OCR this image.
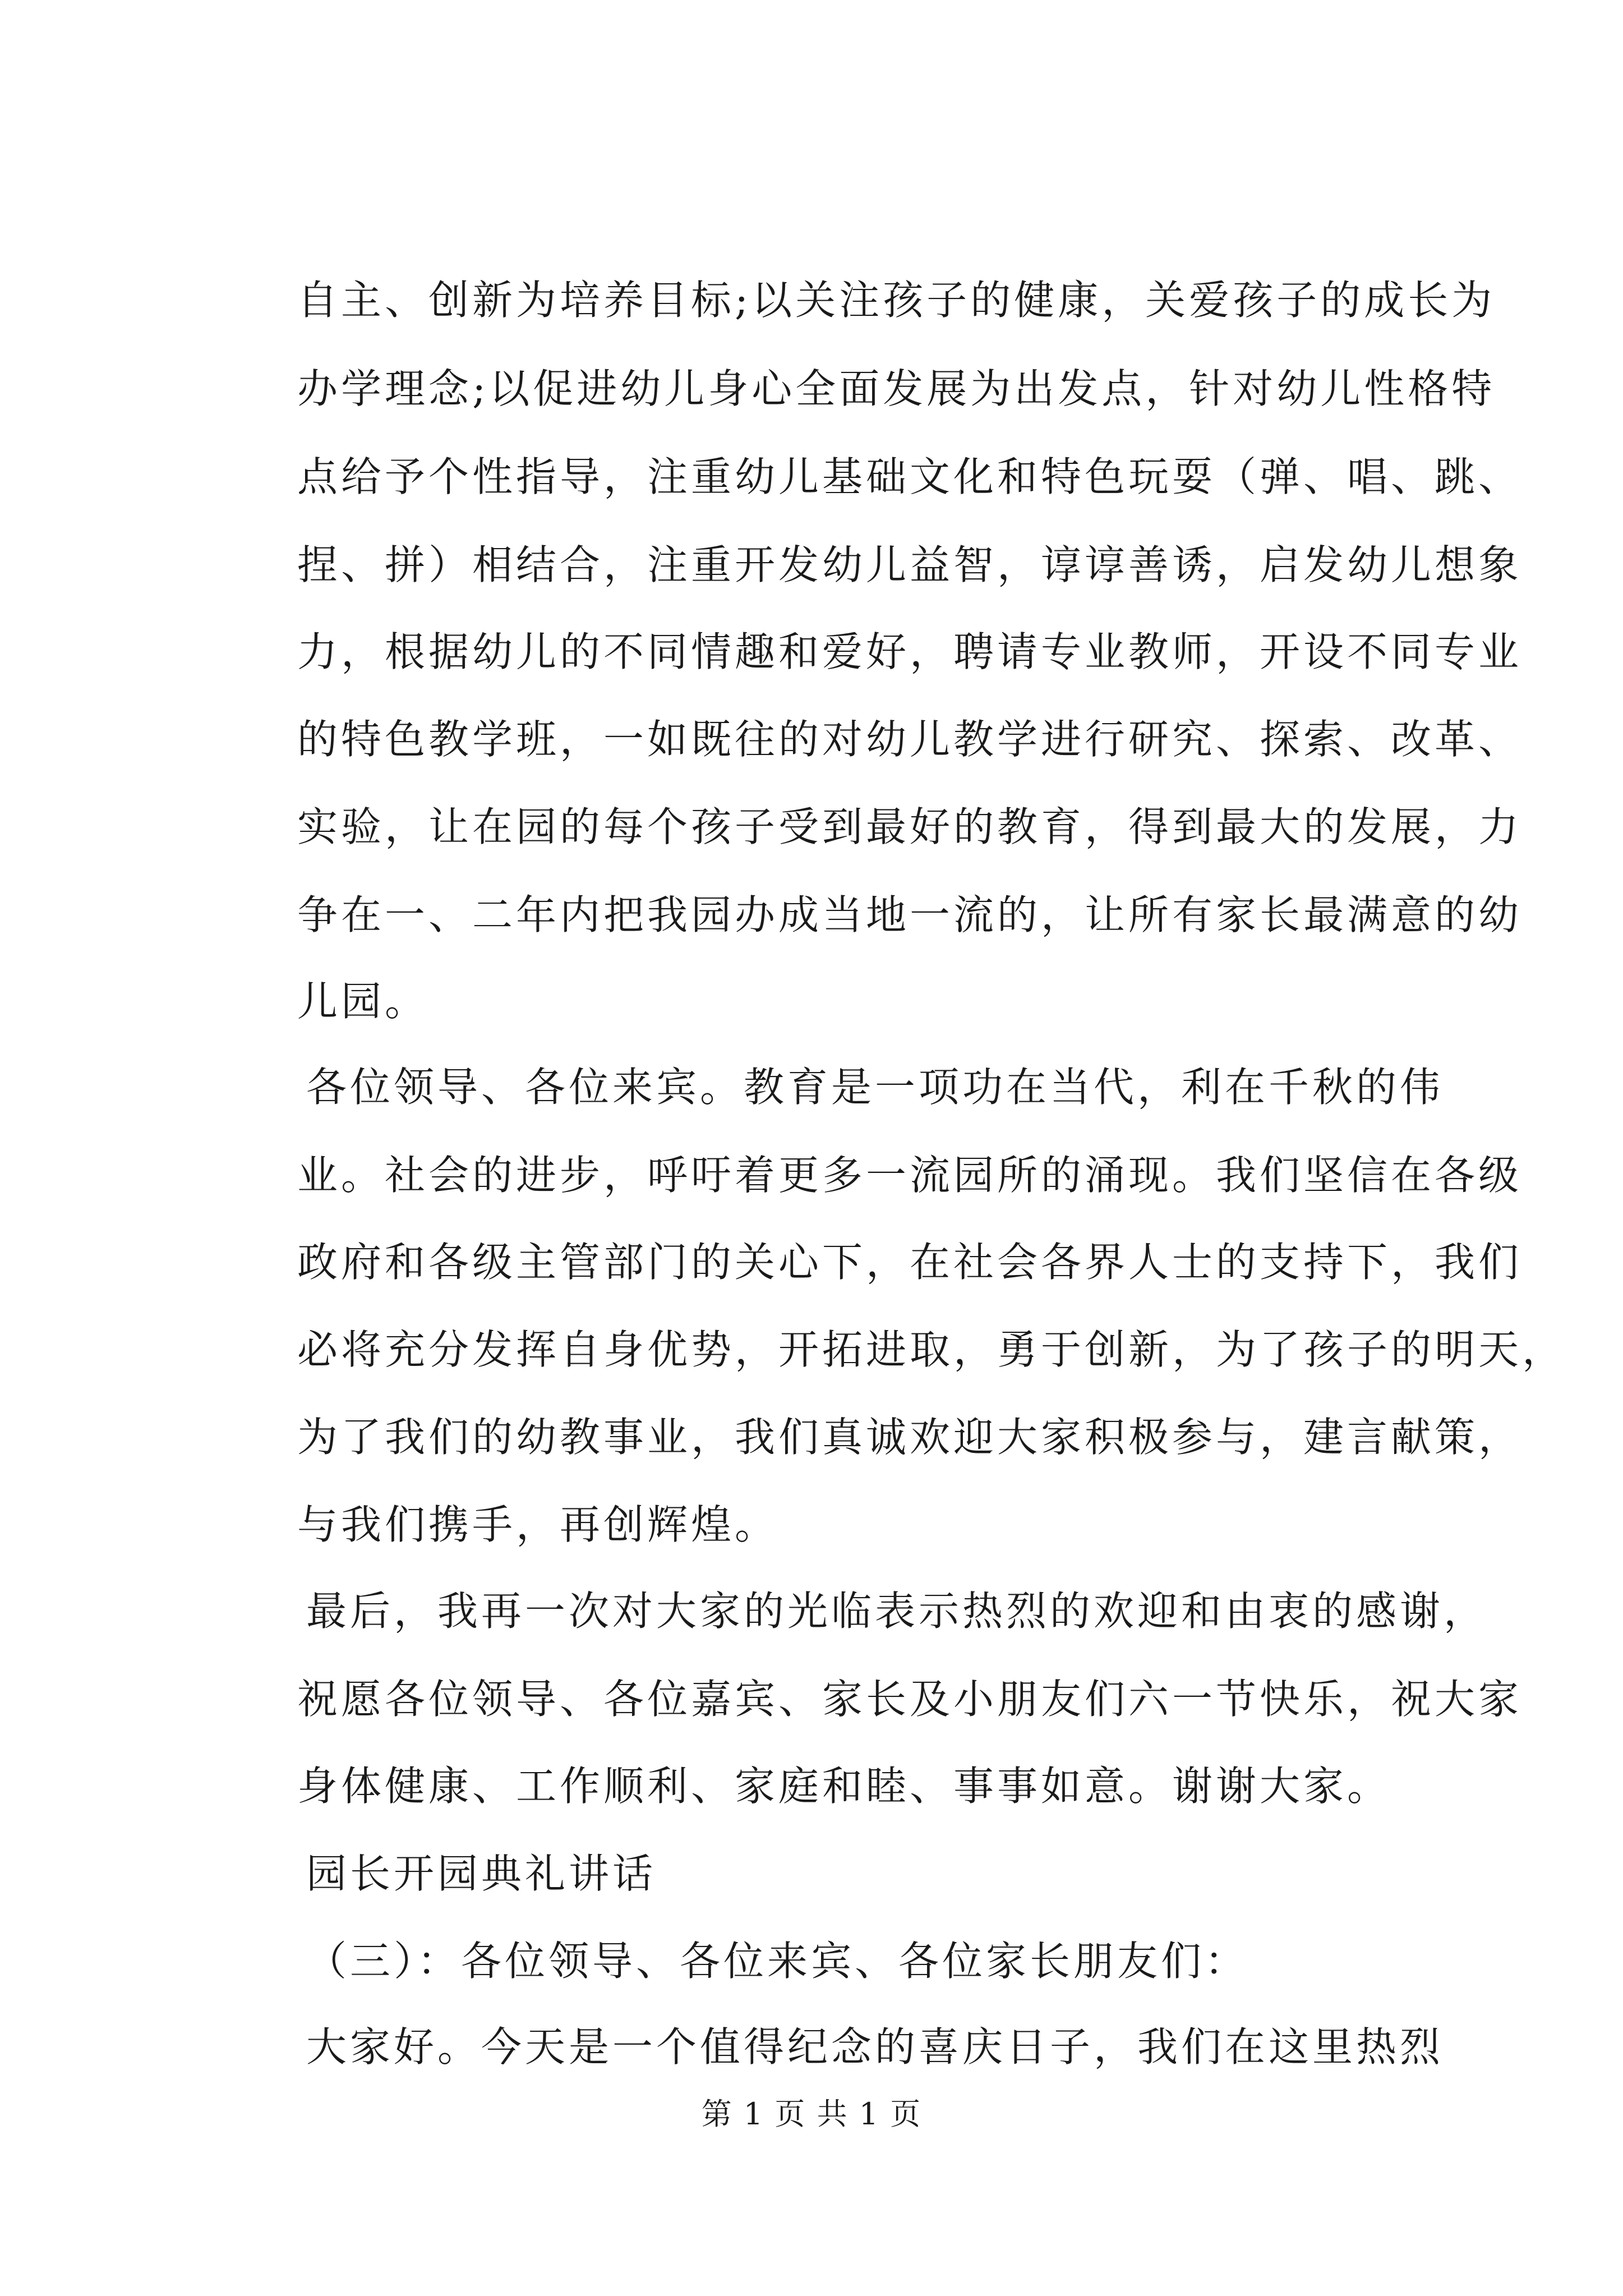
自主、创新为培养目标;以关注孩子的健康，关爱孩子的成长为
办学理念;以促进幼儿身心全面发展为出发点，针对幼儿性格特
点给予个性指导，注重幼儿基础文化和特色玩耍（弹、唱、跳、
捏、拼）相结合，注重开发幼儿益智，谆谆善诱，启发幼儿想象
力，根据幼儿的不同情趣和爱好，聘请专业教师，开设不同专业
的特色教学班，一如既往的对幼儿教学进行研究、探索、改革、
实验，让在园的每个孩子受到最好的教育，得到最大的发展，力
争在一、二年内把我园办成当地一流的，让所有家长最满意的幼
儿园。
各位领导、各位来宾。教育是一项功在当代，利在千秋的伟
业。社会的进步，呼吁着更多一流园所的涌现。我们坚信在各级
政府和各级主管部门的关心下，在社会各界人士的支持下，我们
必将充分发挥自身优势，开拓进取，勇于创新，为了孩子的明天，
为了我们的幼教事业，我们真诚欢迎大家积极参与，建言献策，
与我们携手，再创辉煌。
最后，我再一次对大家的光临表示热烈的欢迎和由衷的感谢，
祝愿各位领导、各位嘉宾、家长及小朋友们六一节快乐，祝大家
身体健康、工作顺利、家庭和睦、事事如意。谢谢大家。
园长开园典礼讲话
（三）：各位领导、各位来宾、各位家长朋友们：
大家好。今天是一个值得纪念的喜庆日子，我们在这里热烈
第 1 页 共 1 页
